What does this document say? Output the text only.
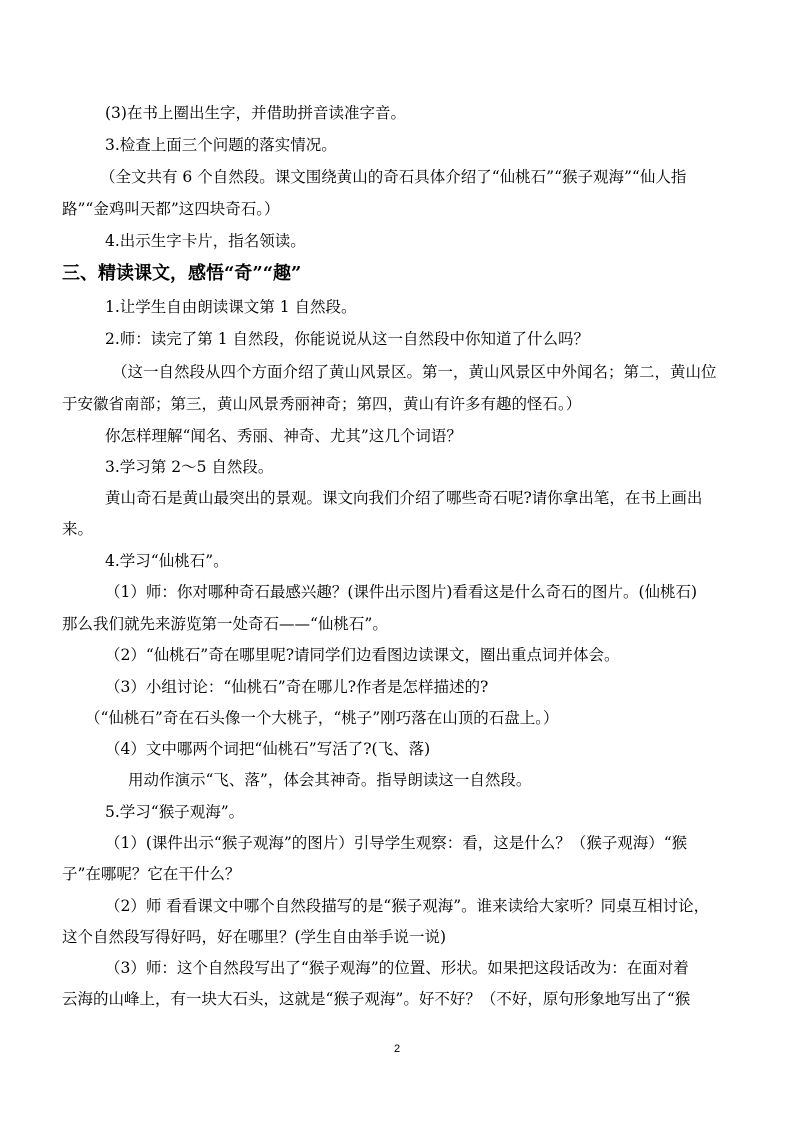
(3)在书上圈出生字，并借助拼音读准字音。
3.检查上面三个问题的落实情况。
（全文共有 6 个自然段。课文围绕黄山的奇石具体介绍了“仙桃石”“猴子观海”“仙人指
路”“金鸡叫天都”这四块奇石。）
4.出示生字卡片，指名领读。
三、精读课文，感悟“奇”“趣”
1.让学生自由朗读课文第 1 自然段。
2.师：读完了第 1 自然段，你能说说从这一自然段中你知道了什么吗？
（这一自然段从四个方面介绍了黄山风景区。第一，黄山风景区中外闻名；第二，黄山位
于安徽省南部；第三，黄山风景秀丽神奇；第四，黄山有许多有趣的怪石。）
你怎样理解“闻名、秀丽、神奇、尤其”这几个词语？
3.学习第 2～5 自然段。
黄山奇石是黄山最突出的景观。课文向我们介绍了哪些奇石呢?请你拿出笔，在书上画出
来。
4.学习“仙桃石”。
（1）师：你对哪种奇石最感兴趣？(课件出示图片)看看这是什么奇石的图片。(仙桃石)
那么我们就先来游览第一处奇石——“仙桃石”。
（2）“仙桃石”奇在哪里呢?请同学们边看图边读课文，圈出重点词并体会。
（3）小组讨论：“仙桃石”奇在哪儿?作者是怎样描述的?
（“仙桃石”奇在石头像一个大桃子，“桃子”刚巧落在山顶的石盘上。）
（4）文中哪两个词把“仙桃石”写活了?(飞、落)
用动作演示“飞、落”，体会其神奇。指导朗读这一自然段。
5.学习“猴子观海”。
（1）(课件出示“猴子观海”的图片）引导学生观察：看，这是什么？（猴子观海）“猴
子”在哪呢？它在干什么？
（2）师 看看课文中哪个自然段描写的是“猴子观海”。谁来读给大家听？同桌互相讨论，
这个自然段写得好吗，好在哪里？(学生自由举手说一说)
（3）师：这个自然段写出了“猴子观海”的位置、形状。如果把这段话改为：在面对着
云海的山峰上，有一块大石头，这就是“猴子观海”。好不好？（不好，原句形象地写出了“猴
2
